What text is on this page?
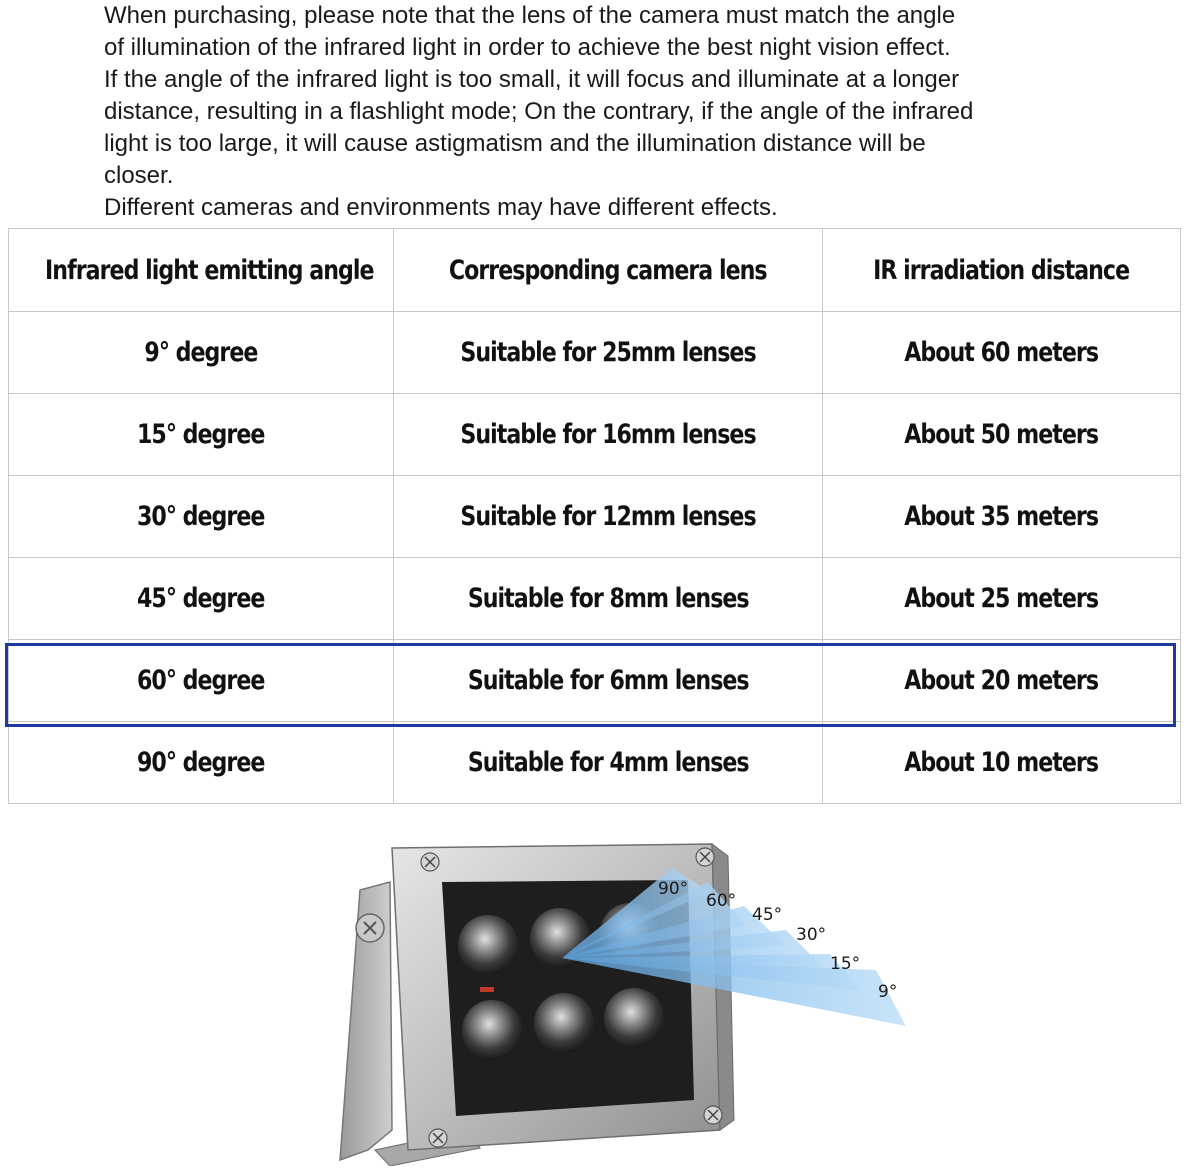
When purchasing, please note that the lens of the camera must match the angle

of illumination of the infrared light in order to achieve the best night vision effect.

If the angle of the infrared light is too small, it will focus and illuminate at a longer

distance, resulting in a flashlight mode; On the contrary, if the angle of the infrared

light is too large, it will cause astigmatism and the illumination distance will be

closer.

Different cameras and environments may have different effects.

Infrared light emitting angle	Corresponding camera lens	IR irradiation distance
9° degree	Suitable for 25mm lenses	About 60 meters
15° degree	Suitable for 16mm lenses	About 50 meters
30° degree	Suitable for 12mm lenses	About 35 meters
45° degree	Suitable for 8mm lenses	About 25 meters
60° degree	Suitable for 6mm lenses	About 20 meters
90° degree	Suitable for 4mm lenses	About 10 meters
90°
60°
45°
30°
15°
9°
